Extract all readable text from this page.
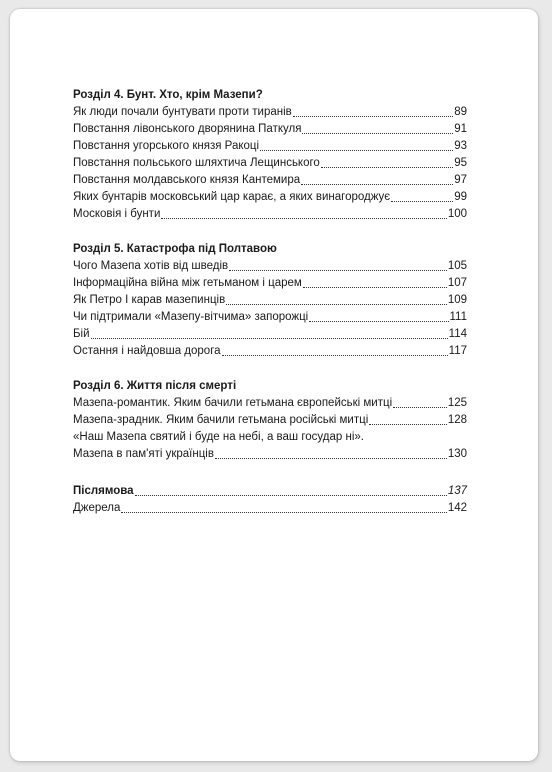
Розділ 4. Бунт. Хто, крім Мазепи?
Як люди почали бунтувати проти тиранів	89
Повстання лівонського дворянина Паткуля	91
Повстання угорського князя Ракоці	93
Повстання польського шляхтича Лещинського	95
Повстання молдавського князя Кантемира	97
Яких бунтарів московський цар карає, а яких винагороджує	99
Московія і бунти	100
Розділ 5. Катастрофа під Полтавою
Чого Мазепа хотів від шведів	105
Інформаційна війна між гетьманом і царем	107
Як Петро І карав мазепинців	109
Чи підтримали «Мазепу-вітчима» запорожці	111
Бій	114
Остання і найдовша дорога	117
Розділ 6. Життя після смерті
Мазепа-романтик. Яким бачили гетьмана європейські митці	125
Мазепа-зрадник. Яким бачили гетьмана російські митці	128
«Наш Мазепа святий і буде на небі, а ваш государ ні».
Мазепа в пам'яті українців	130
Післямова	137
Джерела	142
